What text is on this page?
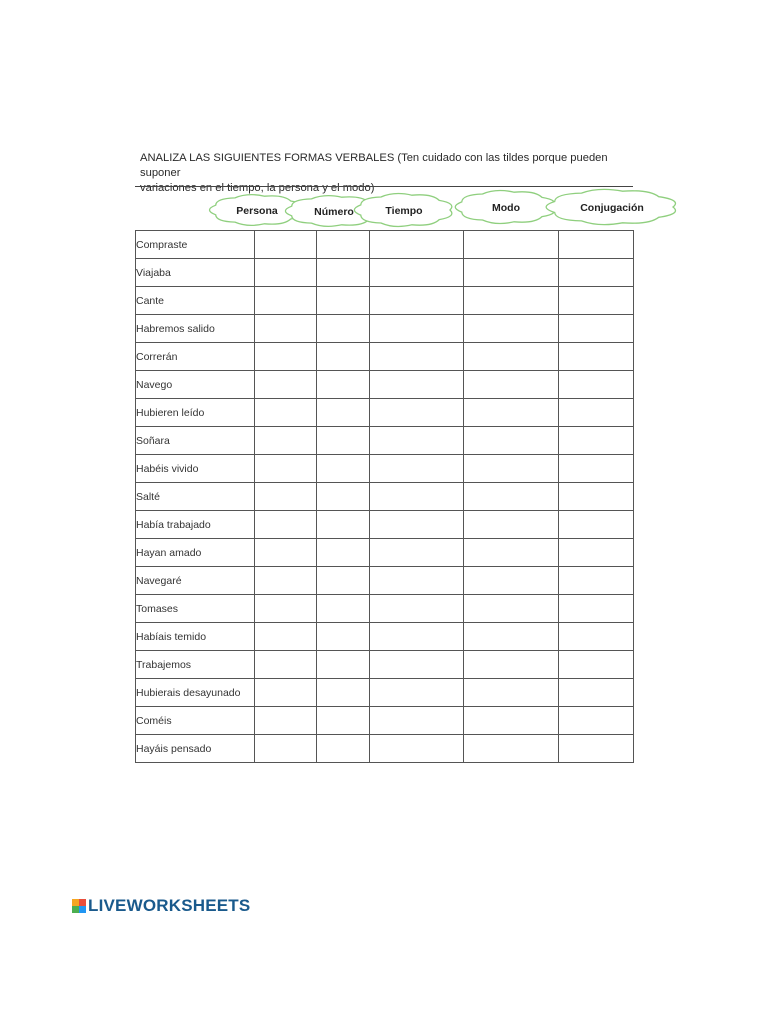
ANALIZA LAS SIGUIENTES FORMAS VERBALES (Ten cuidado con las tildes porque pueden suponer
variaciones en el tiempo, la persona y el modo)
Persona	Número	Tiempo	Modo	Conjugación
Compraste					
Viajaba					
Cante					
Habremos salido					
Correrán					
Navego					
Hubieren leído					
Soñara					
Habéis vivido					
Salté					
Había trabajado					
Hayan amado					
Navegaré					
Tomases					
Habíais temido					
Trabajemos					
Hubierais desayunado					
Coméis					
Hayáis pensado					
LIVEWORKSHEETS
